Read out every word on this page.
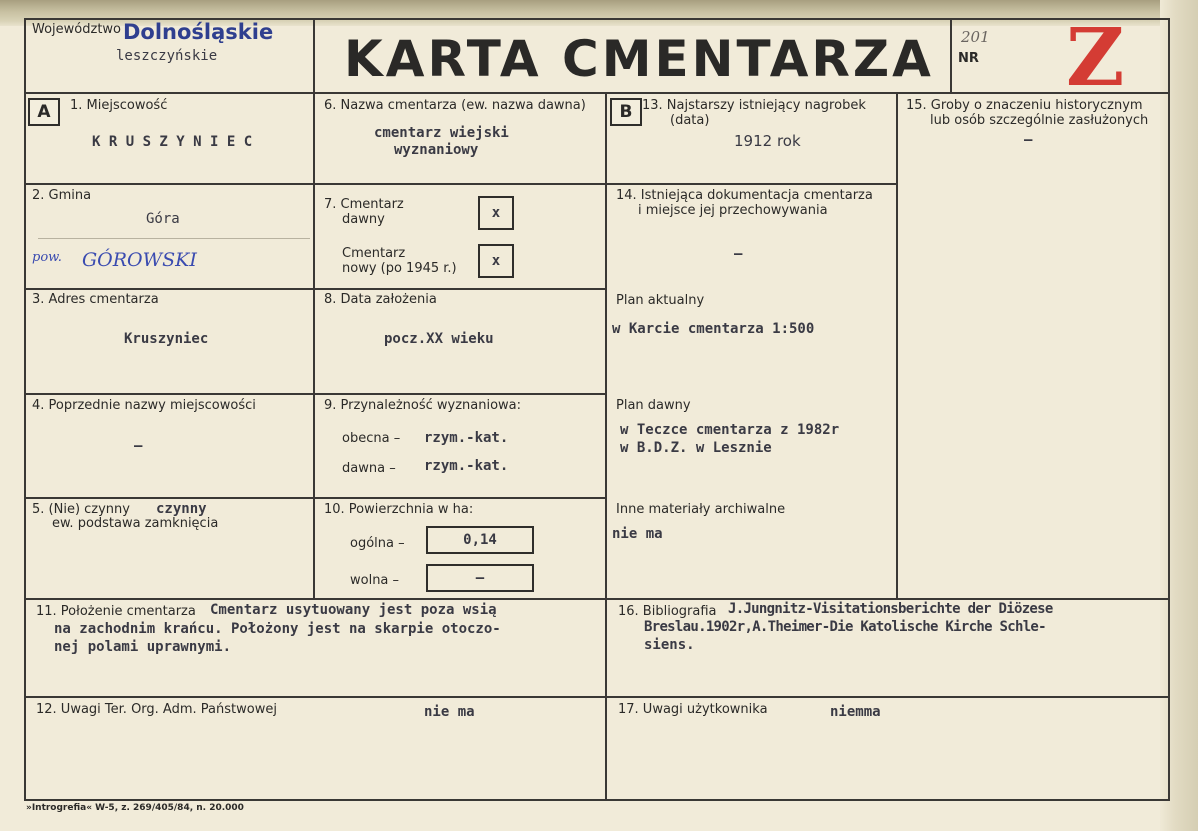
Województwo Dolnośląskie
leszczyńskie	KARTA CMENTARZA 201
NR Z
A	1. Miejscowość
K R U S Z Y N I E C
2. Gmina
Góra
pow. GÓROWSKI
3. Adres cmentarza
Kruszyniec
4. Poprzednie nazwy miejscowości
–
5. (Nie) czynny
ew. podstawa zamknięcia
czynny
6. Nazwa cmentarza (ew. nazwa dawna)
cmentarz wiejski
wyznaniowy
7. Cmentarz
dawny	x
Cmentarz
nowy (po 1945 r.)	x
8. Data założenia
pocz.XX wieku
9. Przynależność wyznaniowa:
obecna – rzym.-kat.
dawna – rzym.-kat.
10. Powierzchnia w ha:
ogólna –	0,14
wolna –	–
B 13. Najstarszy istniejący nagrobek
(data)
1912 rok
14. Istniejąca dokumentacja cmentarza
i miejsce jej przechowywania
–
Plan aktualny
w Karcie cmentarza 1:500
Plan dawny
w Teczce cmentarza z 1982r
w B.D.Z. w Lesznie
Inne materiały archiwalne
nie ma
15. Groby o znaczeniu historycznym
lub osób szczególnie zasłużonych
–
11. Położenie cmentarza Cmentarz usytuowany jest poza wsią
na zachodnim krańcu. Położony jest na skarpie otoczo-
nej polami uprawnymi.
16. Bibliografia J.Jungnitz-Visitationsberichte der Diözese
Breslau.1902r,A.Theimer-Die Katolische Kirche Schle-
siens.
12. Uwagi Ter. Org. Adm. Państwowej	nie ma	17. Uwagi użytkownika	niemma
»Introgrefia« W-5, z. 269/405/84, n. 20.000
